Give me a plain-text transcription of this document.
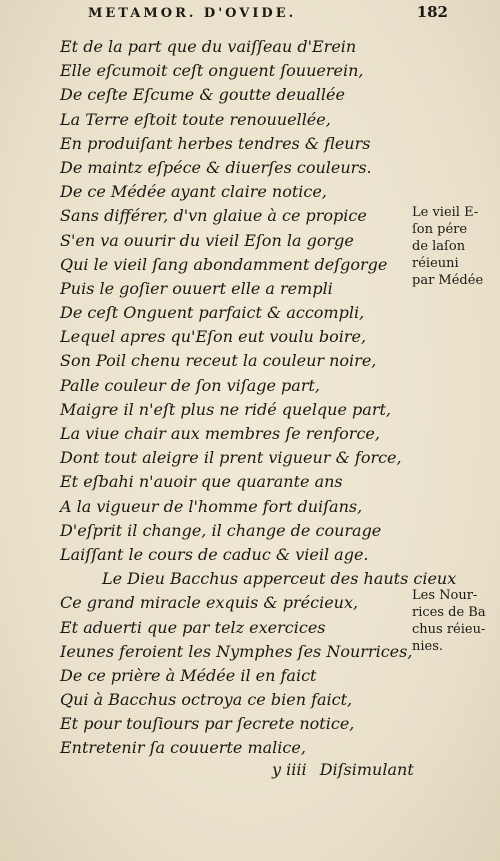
METAMOR. D'OVIDE.	182
Et de la part que du vaiſſeau d'Erein
Elle eſcumoit ceſt onguent ſouuerein,
De ceſte Eſcume & goutte deuallée
La Terre eſtoit toute renouuellée,
En produiſant herbes tendres & fleurs
De maintz eſpéce & diuerſes couleurs.
De ce Médée ayant claire notice,
Sans différer, d'vn glaiue à ce propice
S'en va ouurir du vieil Eſon la gorge
Qui le vieil ſang abondamment deſgorge
Puis le goſier ouuert elle a rempli
De ceſt Onguent parfaict & accompli,
Lequel apres qu'Eſon eut voulu boire,
Son Poil chenu receut la couleur noire,
Palle couleur de ſon viſage part,
Maigre il n'eſt plus ne ridé quelque part,
La viue chair aux membres ſe renforce,
Dont tout aleigre il prent vigueur & force,
Et eſbahi n'auoir que quarante ans
A la vigueur de l'homme fort duiſans,
D'eſprit il change, il change de courage
Laiſſant le cours de caduc & vieil age.
Le Dieu Bacchus apperceut des hauts cieux
Ce grand miracle exquis & précieux,
Et aduerti que par telz exercices
Ieunes feroient les Nymphes ſes Nourrices,
De ce prière à Médée il en faict
Qui à Bacchus octroya ce bien faict,
Et pour touſiours par ſecrete notice,
Entretenir ſa couuerte malice,
Le vieil E-
ſon pére
de laſon
réieuni
par Médée
Les Nour-
rices de Ba
chus réieu-
nies.
y iiii Diſsimulant
